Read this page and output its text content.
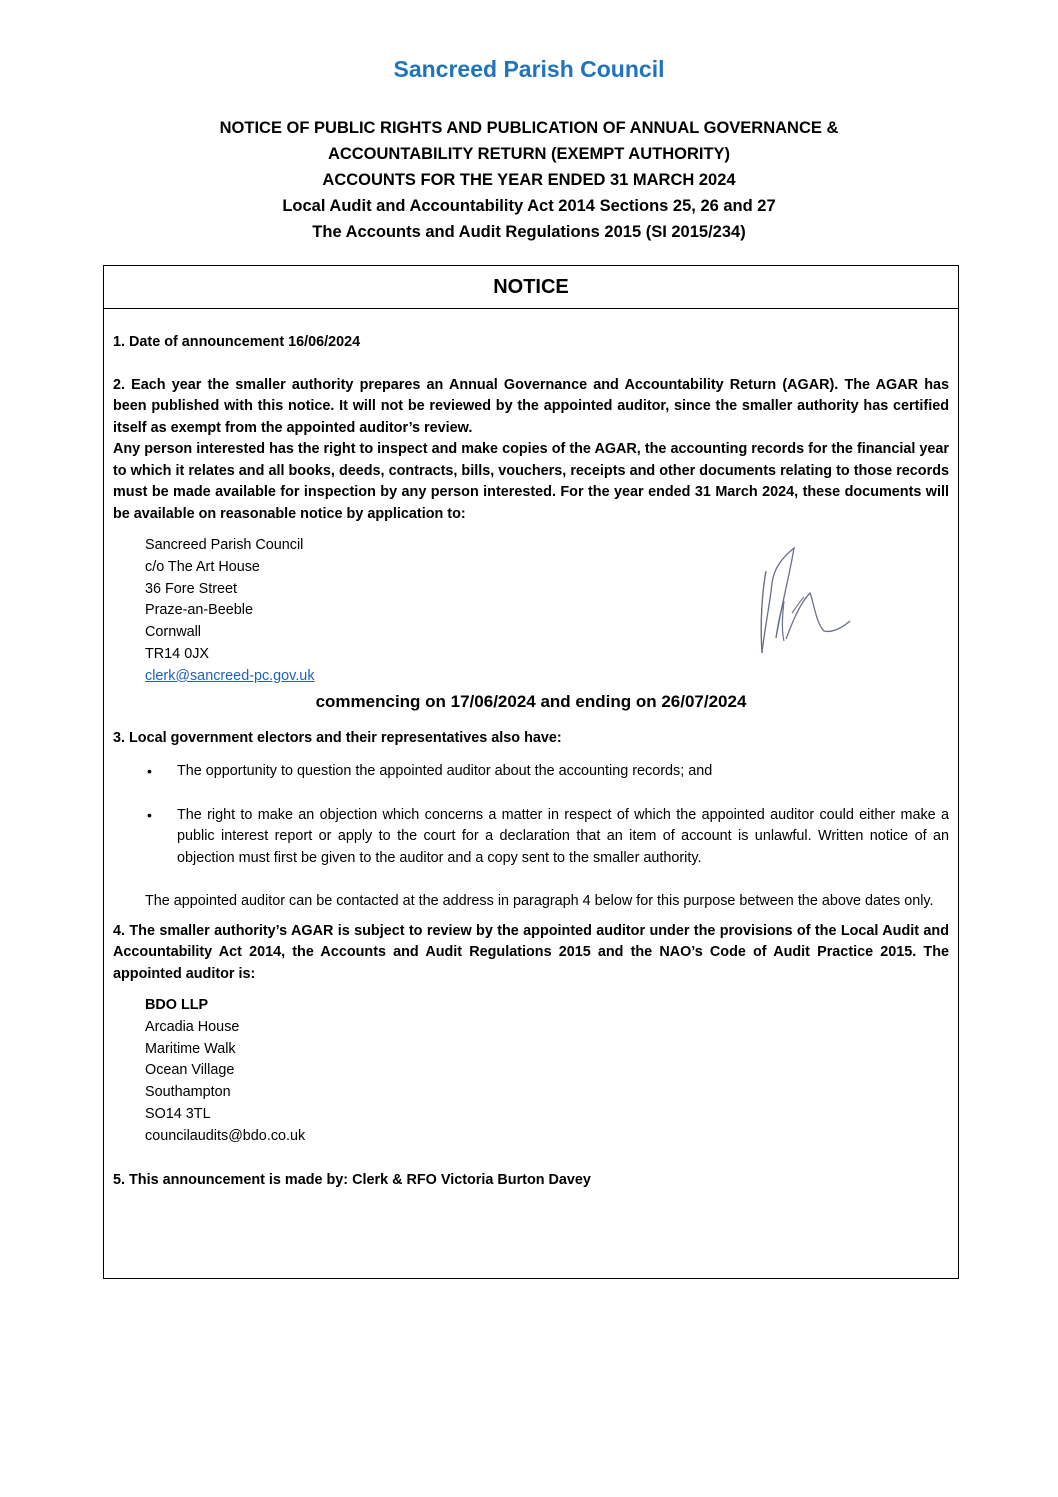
Sancreed Parish Council
NOTICE OF PUBLIC RIGHTS AND PUBLICATION OF ANNUAL GOVERNANCE &
ACCOUNTABILITY RETURN (EXEMPT AUTHORITY)
ACCOUNTS FOR THE YEAR ENDED 31 MARCH 2024
Local Audit and Accountability Act 2014 Sections 25, 26 and 27
The Accounts and Audit Regulations 2015 (SI 2015/234)
NOTICE

1. Date of announcement 16/06/2024

2. Each year the smaller authority prepares an Annual Governance and Accountability Return (AGAR). The AGAR has been published with this notice. It will not be reviewed by the appointed auditor, since the smaller authority has certified itself as exempt from the appointed auditor’s review.

Any person interested has the right to inspect and make copies of the AGAR, the accounting records for the financial year to which it relates and all books, deeds, contracts, bills, vouchers, receipts and other documents relating to those records must be made available for inspection by any person interested. For the year ended 31 March 2024, these documents will be available on reasonable notice by application to:

Sancreed Parish Council
c/o The Art House
36 Fore Street
Praze-an-Beeble
Cornwall
TR14 0JX
clerk@sancreed-pc.gov.uk

commencing on 17/06/2024 and ending on 26/07/2024

3. Local government electors and their representatives also have:

• The opportunity to question the appointed auditor about the accounting records; and
• The right to make an objection which concerns a matter in respect of which the appointed auditor could either make a public interest report or apply to the court for a declaration that an item of account is unlawful. Written notice of an objection must first be given to the auditor and a copy sent to the smaller authority.

The appointed auditor can be contacted at the address in paragraph 4 below for this purpose between the above dates only.

4. The smaller authority’s AGAR is subject to review by the appointed auditor under the provisions of the Local Audit and Accountability Act 2014, the Accounts and Audit Regulations 2015 and the NAO’s Code of Audit Practice 2015. The appointed auditor is:

BDO LLP
Arcadia House
Maritime Walk
Ocean Village
Southampton
SO14 3TL
councilaudits@bdo.co.uk

5. This announcement is made by: Clerk & RFO Victoria Burton Davey
